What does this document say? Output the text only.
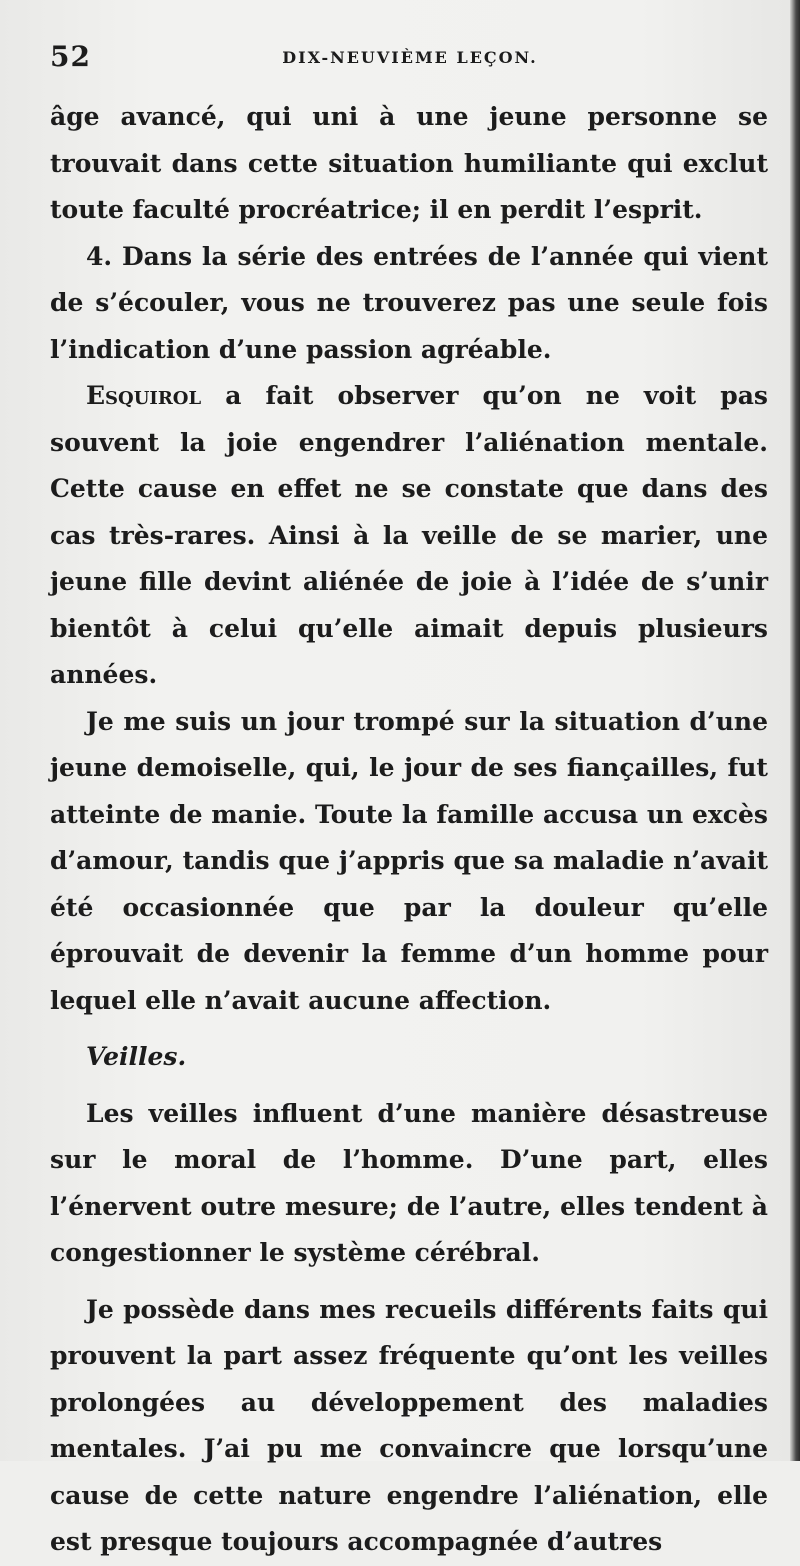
52	DIX-NEUVIÈME LEÇON.

âge avancé, qui uni à une jeune personne se trouvait dans cette situation humiliante qui exclut toute faculté procréatrice; il en perdit l’esprit.

4. Dans la série des entrées de l’année qui vient de s’écouler, vous ne trouverez pas une seule fois l’indication d’une passion agréable.

Esquirol a fait observer qu’on ne voit pas souvent la joie engendrer l’aliénation mentale. Cette cause en effet ne se constate que dans des cas très-rares. Ainsi à la veille de se marier, une jeune fille devint aliénée de joie à l’idée de s’unir bientôt à celui qu’elle aimait depuis plusieurs années.

Je me suis un jour trompé sur la situation d’une jeune demoiselle, qui, le jour de ses fiançailles, fut atteinte de manie. Toute la famille accusa un excès d’amour, tandis que j’appris que sa maladie n’avait été occasionnée que par la douleur qu’elle éprouvait de devenir la femme d’un homme pour lequel elle n’avait aucune affection.

Veilles.

Les veilles influent d’une manière désastreuse sur le moral de l’homme. D’une part, elles l’énervent outre mesure; de l’autre, elles tendent à congestionner le système cérébral.

Je possède dans mes recueils différents faits qui prouvent la part assez fréquente qu’ont les veilles prolongées au développement des maladies mentales. J’ai pu me convaincre que lorsqu’une cause de cette nature engendre l’aliénation, elle est presque toujours accompagnée d’autres
